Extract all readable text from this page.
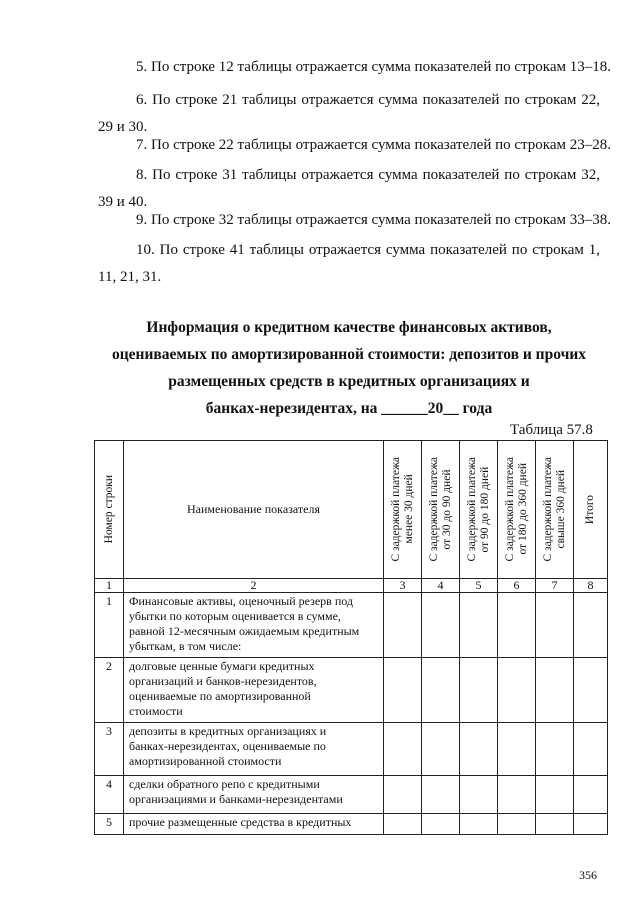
5. По строке 12 таблицы отражается сумма показателей по строкам 13–18.

6. По строке 21 таблицы отражается сумма показателей по строкам 22,
29 и 30.

7. По строке 22 таблицы отражается сумма показателей по строкам 23–28.

8. По строке 31 таблицы отражается сумма показателей по строкам 32,
39 и 40.

9. По строке 32 таблицы отражается сумма показателей по строкам 33–38.

10. По строке 41 таблицы отражается сумма показателей по строкам 1,
11, 21, 31.

Информация о кредитном качестве финансовых активов,
оцениваемых по амортизированной стоимости: депозитов и прочих
размещенных средств в кредитных организациях и
банках-нерезидентах, на ______20__ года
Таблица 57.8
Номер строки	Наименование показателя	С задержкой платежа
менее 30 дней	С задержкой платежа
от 30 до 90 дней	С задержкой платежа
от 90 до 180 дней	С задержкой платежа
от 180 до 360 дней	С задержкой платежа
свыше 360 дней	Итого

1	2	3	4	5	6	7	8
1	Финансовые активы, оценочный резерв под
убытки по которым оценивается в сумме,
равной 12-месячным ожидаемым кредитным
убыткам, в том числе:						

2	долговые ценные бумаги кредитных
организаций и банков-нерезидентов,
оцениваемые по амортизированной
стоимости						

3	депозиты в кредитных организациях и
банках-нерезидентах, оцениваемые по
амортизированной стоимости						

4	сделки обратного репо с кредитными
организациями и банками-нерезидентами						

5	прочие размещенные средства в кредитных						

356
